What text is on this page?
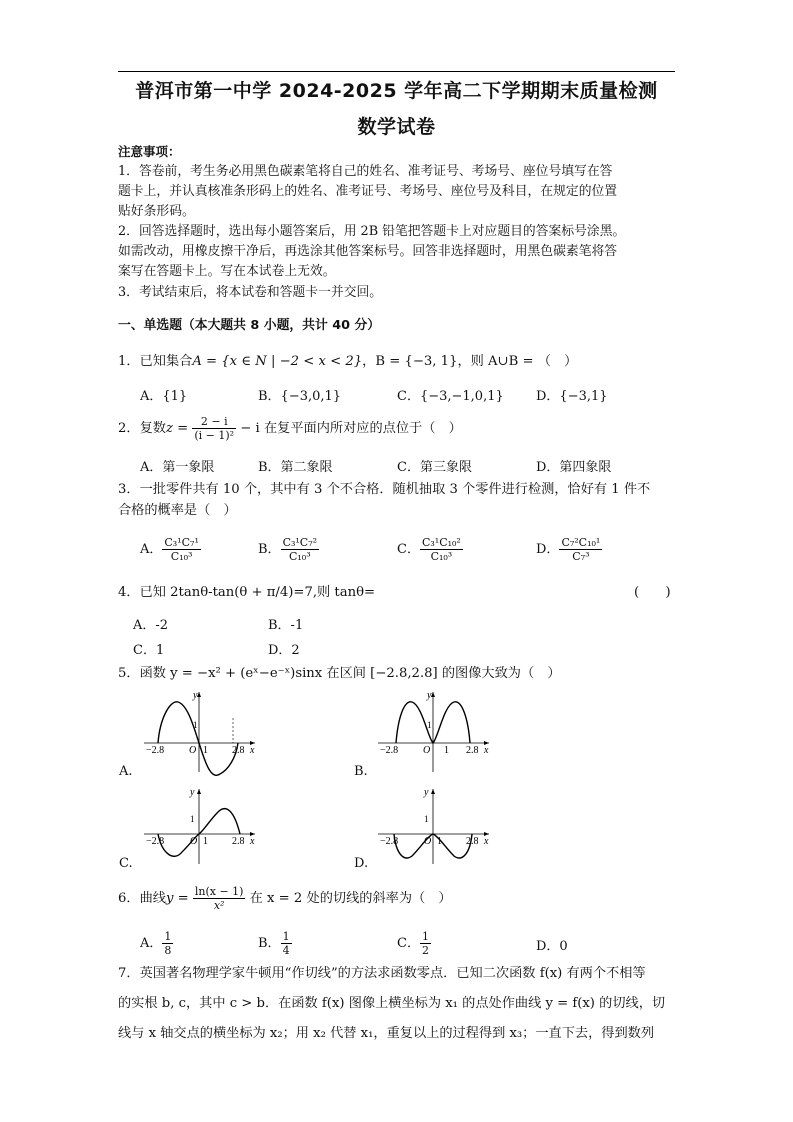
普洱市第一中学 2024-2025 学年高二下学期期末质量检测
数学试卷
注意事项：
1．答卷前，考生务必用黑色碳素笔将自己的姓名、准考证号、考场号、座位号填写在答
题卡上，并认真核准条形码上的姓名、准考证号、考场号、座位号及科目，在规定的位置
贴好条形码。
2．回答选择题时，选出每小题答案后，用 2B 铅笔把答题卡上对应题目的答案标号涂黑。
如需改动，用橡皮擦干净后，再选涂其他答案标号。回答非选择题时，用黑色碳素笔将答
案写在答题卡上。写在本试卷上无效。
3．考试结束后，将本试卷和答题卡一并交回。
一、单选题（本大题共 8 小题，共计 40 分）
1．已知集合A = {x ∈ N | −2 < x < 2}，B = {−3, 1}，则 A∪B = （　）
A．{1}	B．{−3,0,1}	C．{−3,−1,0,1} D．{−3,1}
2．复数$z = \frac{2 - i}{\text{(i − 1)²}} - i$ 在复平面内所对应的点位于（　）
A．第一象限	B．第二象限	C．第三象限	D．第四象限
3．一批零件共有 10 个，其中有 3 个不合格．随机抽取 3 个零件进行检测，恰好有 1 件不
合格的概率是（　）
A． $\frac{\text{C₃¹C₇¹}}{\text{C₁₀³}}$	B． $\frac{\text{C₃¹C₇²}}{\text{C₁₀³}}$	C． $\frac{\text{C₃¹C₁₀²}}{\text{C₁₀³}}$	D． $\frac{\text{C₇²C₁₀¹}}{\text{C₇³}}$
4．已知 2tanθ-tan(θ + π/4)=7,则 tanθ=	(　　)
A．-2	B．-1
C．1	D．2
5．函数 y = −x² + (eˣ−e⁻ˣ)sinx 在区间 [−2.8,2.8] 的图像大致为（　）
A.	B.
C.	D.
−2.8 O 1 2.8 x
y
1
−2.8 O 1 2.8 x
y
1
−2.8	O 1 2.8 x
y
1
−2.8	O 1 2.8 x
y
1
6．曲线$y = \frac{\ln(x - 1)}{\text{x²}}$ 在 x = 2 处的切线的斜率为（　）
A． $\frac{1}{8}$	B． $\frac{1}{4}$	C． $\frac{1}{2}$	D．0
7．英国著名物理学家牛顿用“作切线”的方法求函数零点．已知二次函数 f(x) 有两个不相等
的实根 b, c，其中 c > b．在函数 f(x) 图像上横坐标为 x₁ 的点处作曲线 y = f(x) 的切线，切
线与 x 轴交点的横坐标为 x₂；用 x₂ 代替 x₁，重复以上的过程得到 x₃；一直下去，得到数列
